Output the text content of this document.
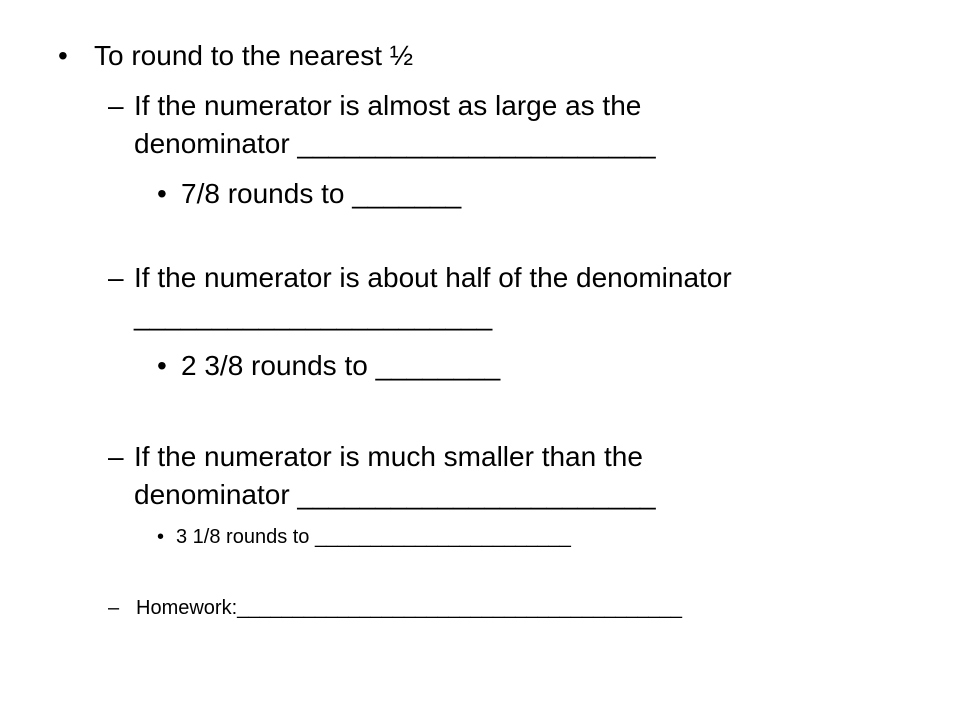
• To round to the nearest ½
– If the numerator is almost as large as the
denominator _______________________
• 7/8 rounds to _______
– If the numerator is about half of the denominator
_______________________
• 2 3/8 rounds to ________
– If the numerator is much smaller than the
denominator _______________________
• 3 1/8 rounds to _______________________
– Homework:________________________________________
